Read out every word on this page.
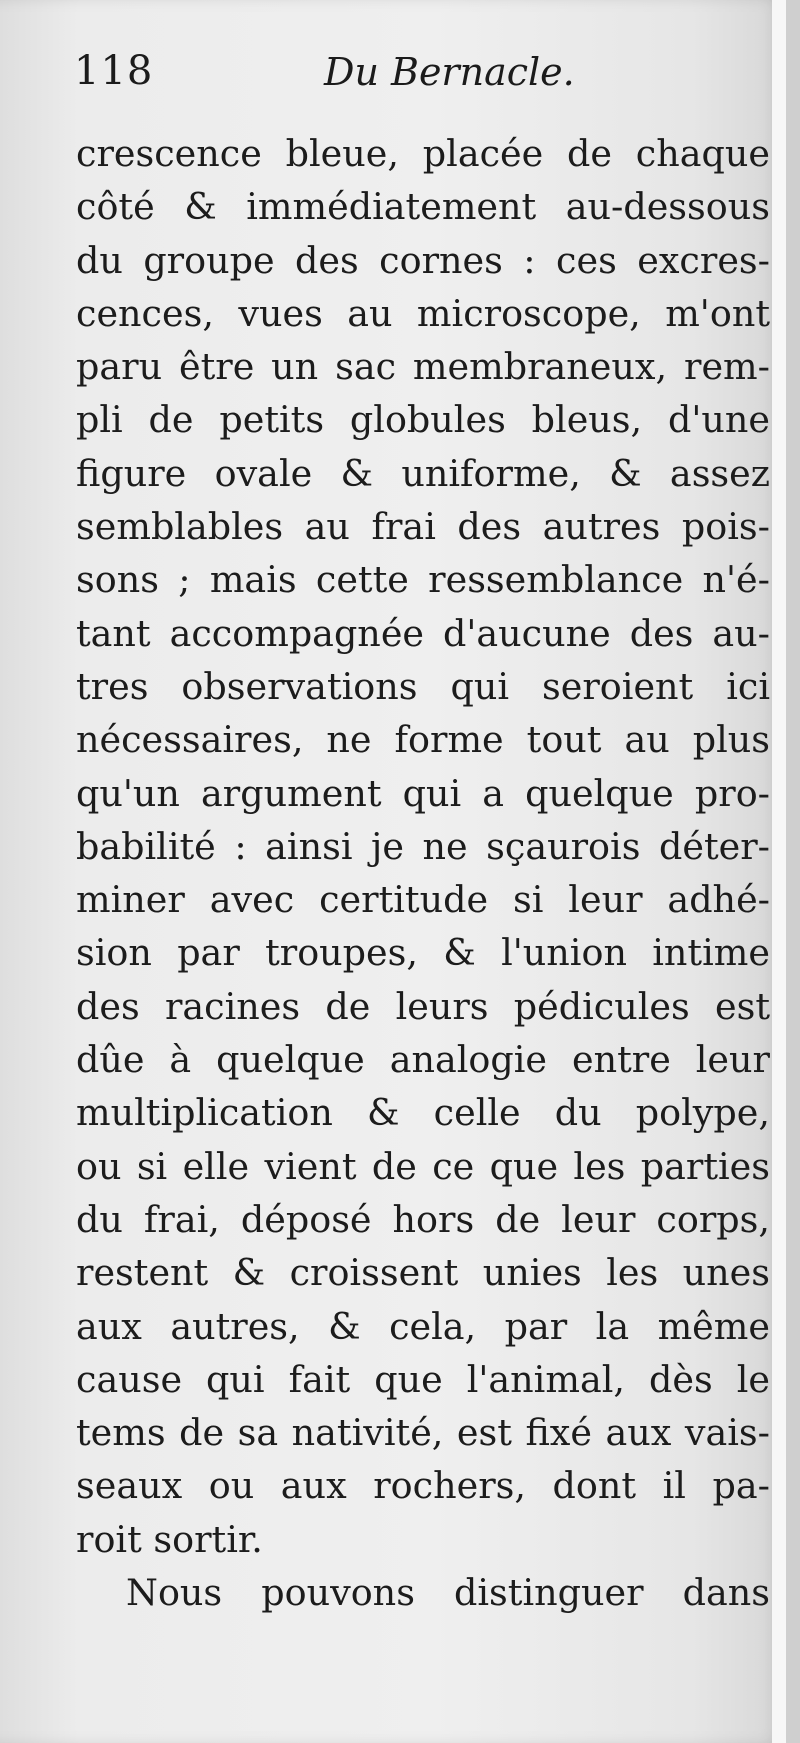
118	Du Bernacle.
crescence bleue, placée de chaque
côté & immédiatement au-dessous
du groupe des cornes : ces excres-
cences, vues au microscope, m'ont
paru être un sac membraneux, rem-
pli de petits globules bleus, d'une
figure ovale & uniforme, & assez
semblables au frai des autres pois-
sons ; mais cette ressemblance n'é-
tant accompagnée d'aucune des au-
tres observations qui seroient ici
nécessaires, ne forme tout au plus
qu'un argument qui a quelque pro-
babilité : ainsi je ne sçaurois déter-
miner avec certitude si leur adhé-
sion par troupes, & l'union intime
des racines de leurs pédicules est
dûe à quelque analogie entre leur
multiplication & celle du polype,
ou si elle vient de ce que les parties
du frai, déposé hors de leur corps,
restent & croissent unies les unes
aux autres, & cela, par la même
cause qui fait que l'animal, dès le
tems de sa nativité, est fixé aux vais-
seaux ou aux rochers, dont il pa-
roit sortir.
Nous pouvons distinguer dans
